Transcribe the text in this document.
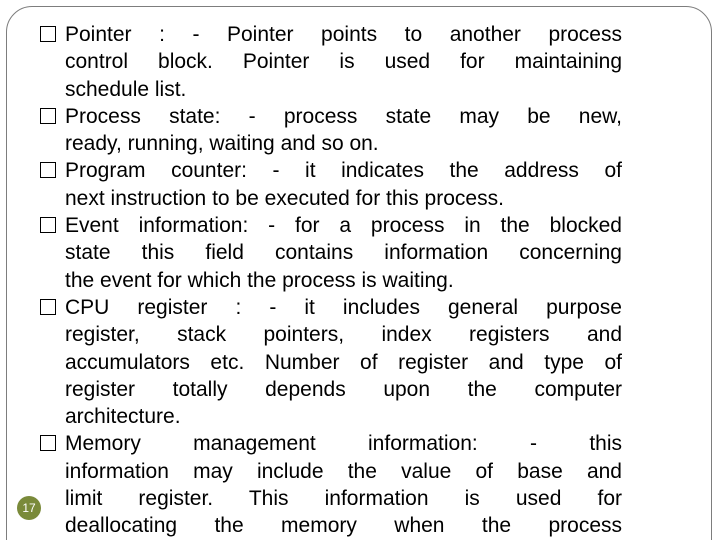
Pointer : - Pointer points to another process
control block. Pointer is used for maintaining
schedule list.
Process state: - process state may be new,
ready, running, waiting and so on.
Program counter: - it indicates the address of
next instruction to be executed for this process.
Event information: - for a process in the blocked
state this field contains information concerning
the event for which the process is waiting.
CPU register : - it includes general purpose
register, stack pointers, index registers and
accumulators etc. Number of register and type of
register totally depends upon the computer
architecture.
Memory management information: - this
information may include the value of base and
limit register. This information is used for
deallocating the memory when the process
17
